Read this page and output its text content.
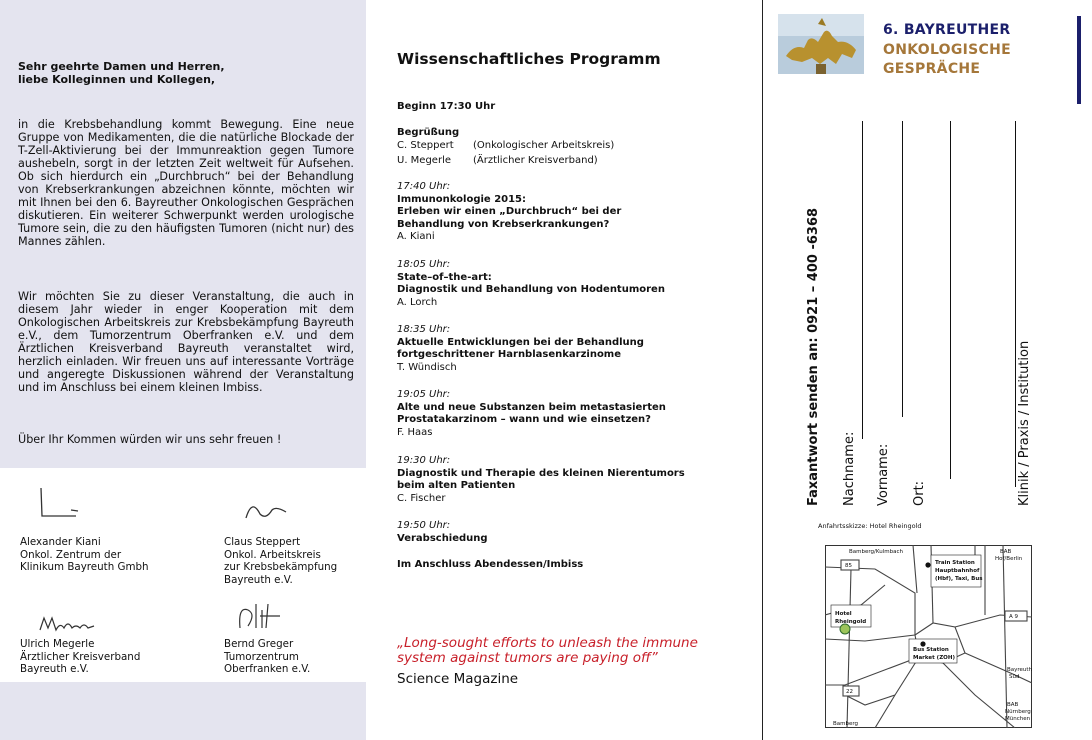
Sehr geehrte Damen und Herren,
liebe Kolleginnen und Kollegen,
in die Krebsbehandlung kommt Bewegung. Eine neue Gruppe von Medikamenten, die die natürliche Blockade der T-Zell-Aktivierung bei der Immunreaktion gegen Tumore aushebeln, sorgt in der letzten Zeit weltweit für Aufsehen. Ob sich hierdurch ein „Durchbruch“ bei der Behandlung von Krebserkrankungen abzeichnen könnte, möchten wir mit Ihnen bei den 6. Bayreuther Onkologischen Gesprächen diskutieren. Ein weiterer Schwerpunkt werden urologische Tumore sein, die zu den häufigsten Tumoren (nicht nur) des Mannes zählen.
Wir möchten Sie zu dieser Veranstaltung, die auch in diesem Jahr wieder in enger Kooperation mit dem Onkologischen Arbeitskreis zur Krebsbekämpfung Bayreuth e.V., dem Tumorzentrum Oberfranken e.V. und dem Ärztlichen Kreisverband Bayreuth veranstaltet wird, herzlich einladen. Wir freuen uns auf interessante Vorträge und angeregte Diskussionen während der Veranstaltung und im Anschluss bei einem kleinen Imbiss.
Über Ihr Kommen würden wir uns sehr freuen !
Alexander Kiani
Onkol. Zentrum der
Klinikum Bayreuth Gmbh
Claus Steppert
Onkol. Arbeitskreis
zur Krebsbekämpfung
Bayreuth e.V.
Ulrich Megerle
Ärztlicher Kreisverband
Bayreuth e.V.
Bernd Greger
Tumorzentrum
Oberfranken e.V.
Wissenschaftliches Programm
Beginn 17:30 Uhr
Begrüßung
C. Steppert (Onkologischer Arbeitskreis)
U. Megerle (Ärztlicher Kreisverband)
17:40 Uhr:
Immunonkologie 2015:
Erleben wir einen „Durchbruch“ bei der
Behandlung von Krebserkrankungen?
A. Kiani
18:05 Uhr:
State–of–the-art:
Diagnostik und Behandlung von Hodentumoren
A. Lorch
18:35 Uhr:
Aktuelle Entwicklungen bei der Behandlung
fortgeschrittener Harnblasenkarzinome
T. Wündisch
19:05 Uhr:
Alte und neue Substanzen beim metastasierten
Prostatakarzinom – wann und wie einsetzen?
F. Haas
19:30 Uhr:
Diagnostik und Therapie des kleinen Nierentumors
beim alten Patienten
C. Fischer
19:50 Uhr:
Verabschiedung
Im Anschluss Abendessen/Imbiss
„Long-sought efforts to unleash the immune
system against tumors are paying off”
Science Magazine
6. BAYREUTHER
ONKOLOGISCHE
GESPRÄCHE
Faxantwort senden an: 0921 – 400 -6368 Nachname: Vorname: Ort:	Klinik / Praxis / Institution
Anfahrtsskizze: Hotel Rheingold
Bamberg/Kulmbach	BAB
Hof/Berlin
Train Station
Hauptbahnhof
(Hbf), Taxi, Bus
Hotel
Rheingold
Bus Station
Market (ZOH)
Bayreuth
Süd
BAB
Nürnberg
München
Bamberg
85
22
A 9
